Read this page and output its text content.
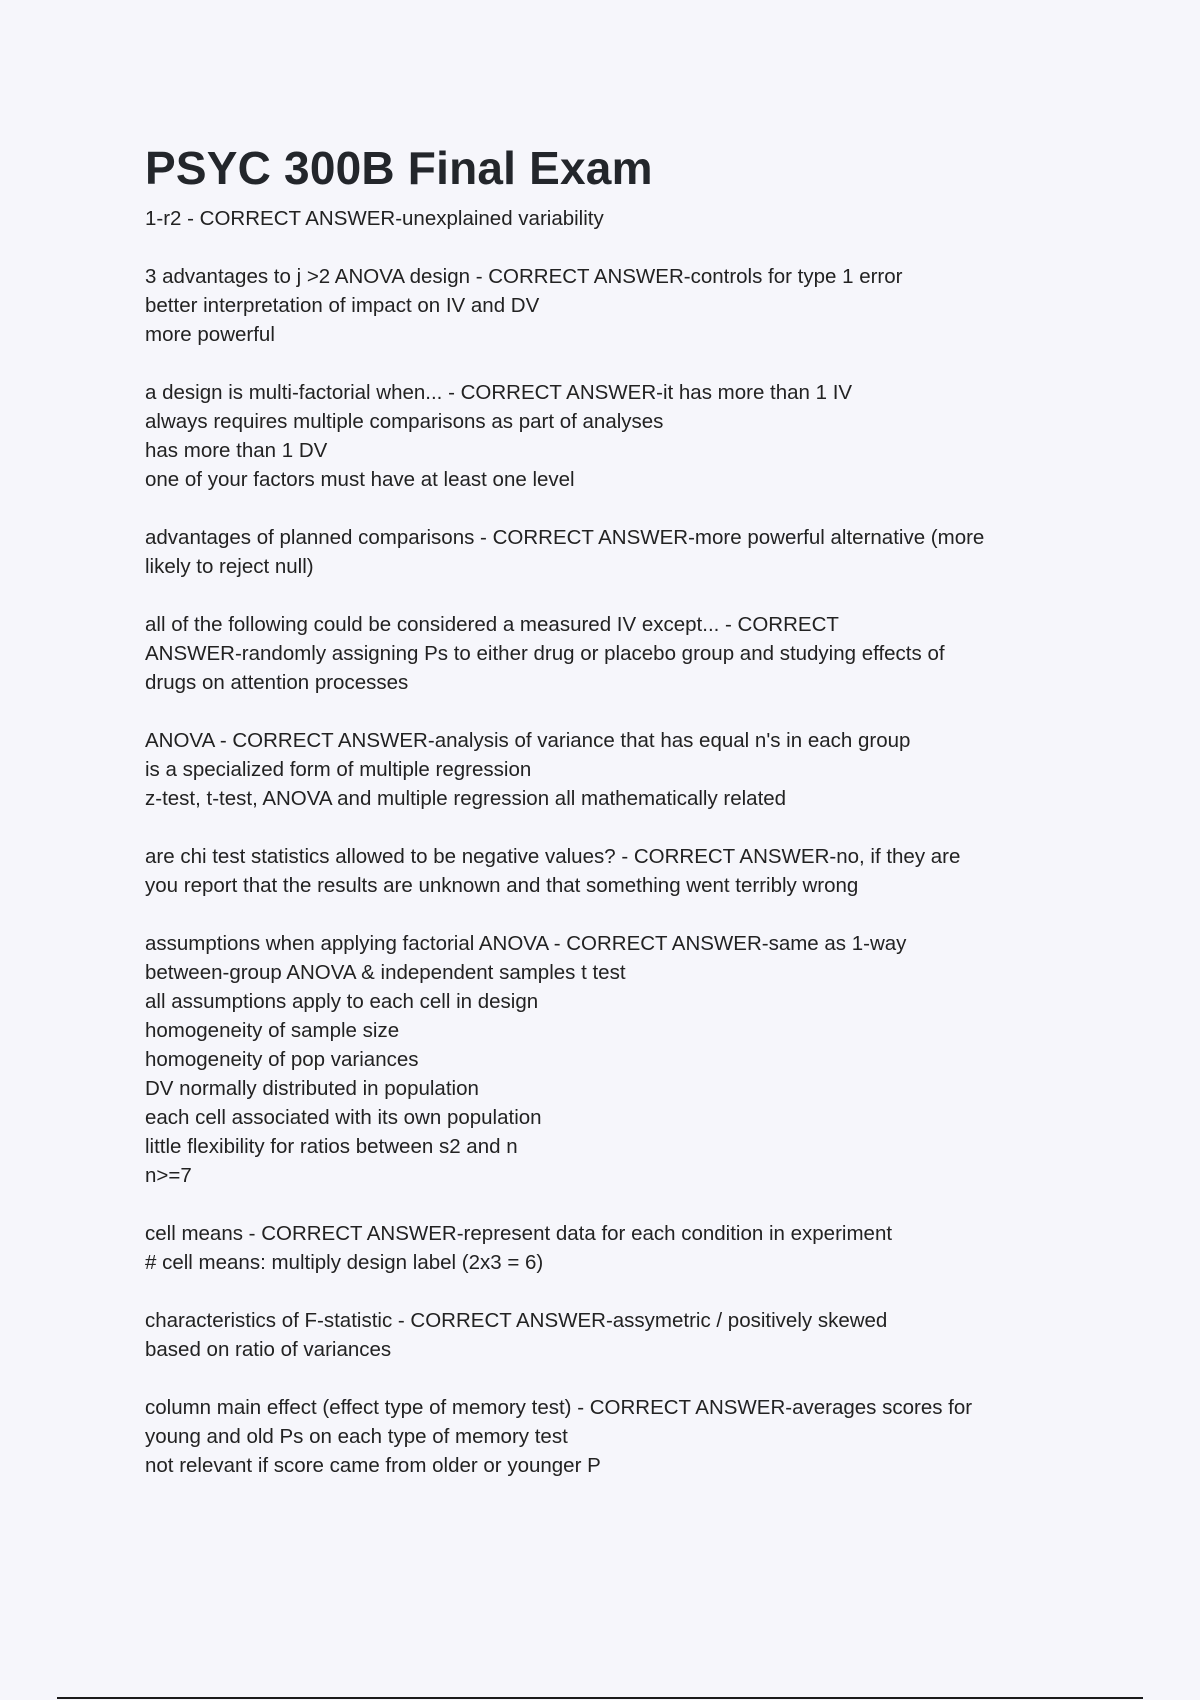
PSYC 300B Final Exam
1-r2 - CORRECT ANSWER-unexplained variability
3 advantages to j >2 ANOVA design - CORRECT ANSWER-controls for type 1 error
better interpretation of impact on IV and DV
more powerful
a design is multi-factorial when... - CORRECT ANSWER-it has more than 1 IV
always requires multiple comparisons as part of analyses
has more than 1 DV
one of your factors must have at least one level
advantages of planned comparisons - CORRECT ANSWER-more powerful alternative (more
likely to reject null)
all of the following could be considered a measured IV except... - CORRECT
ANSWER-randomly assigning Ps to either drug or placebo group and studying effects of
drugs on attention processes
ANOVA - CORRECT ANSWER-analysis of variance that has equal n's in each group
is a specialized form of multiple regression
z-test, t-test, ANOVA and multiple regression all mathematically related
are chi test statistics allowed to be negative values? - CORRECT ANSWER-no, if they are
you report that the results are unknown and that something went terribly wrong
assumptions when applying factorial ANOVA - CORRECT ANSWER-same as 1-way
between-group ANOVA & independent samples t test
all assumptions apply to each cell in design
homogeneity of sample size
homogeneity of pop variances
DV normally distributed in population
each cell associated with its own population
little flexibility for ratios between s2 and n
n>=7
cell means - CORRECT ANSWER-represent data for each condition in experiment
# cell means: multiply design label (2x3 = 6)
characteristics of F-statistic - CORRECT ANSWER-assymetric / positively skewed
based on ratio of variances
column main effect (effect type of memory test) - CORRECT ANSWER-averages scores for
young and old Ps on each type of memory test
not relevant if score came from older or younger P
